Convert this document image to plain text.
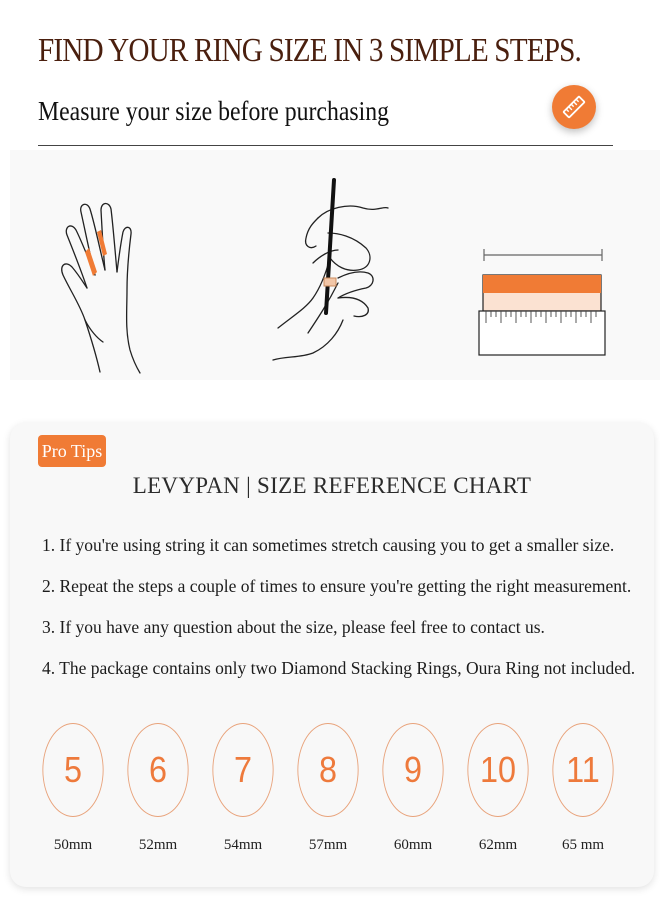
FIND YOUR RING SIZE IN 3 SIMPLE STEPS.
Measure your size before purchasing
Pro Tips
LEVYPAN | SIZE REFERENCE CHART
1. If you're using string it can sometimes stretch causing you to get a smaller size.
2. Repeat the steps a couple of times to ensure you're getting the right measurement.
3. If you have any question about the size, please feel free to contact us.
4. The package contains only two Diamond Stacking Rings, Oura Ring not included.
5
50mm
6
52mm
7
54mm
8
57mm
9
60mm
10
62mm
11
65 mm
